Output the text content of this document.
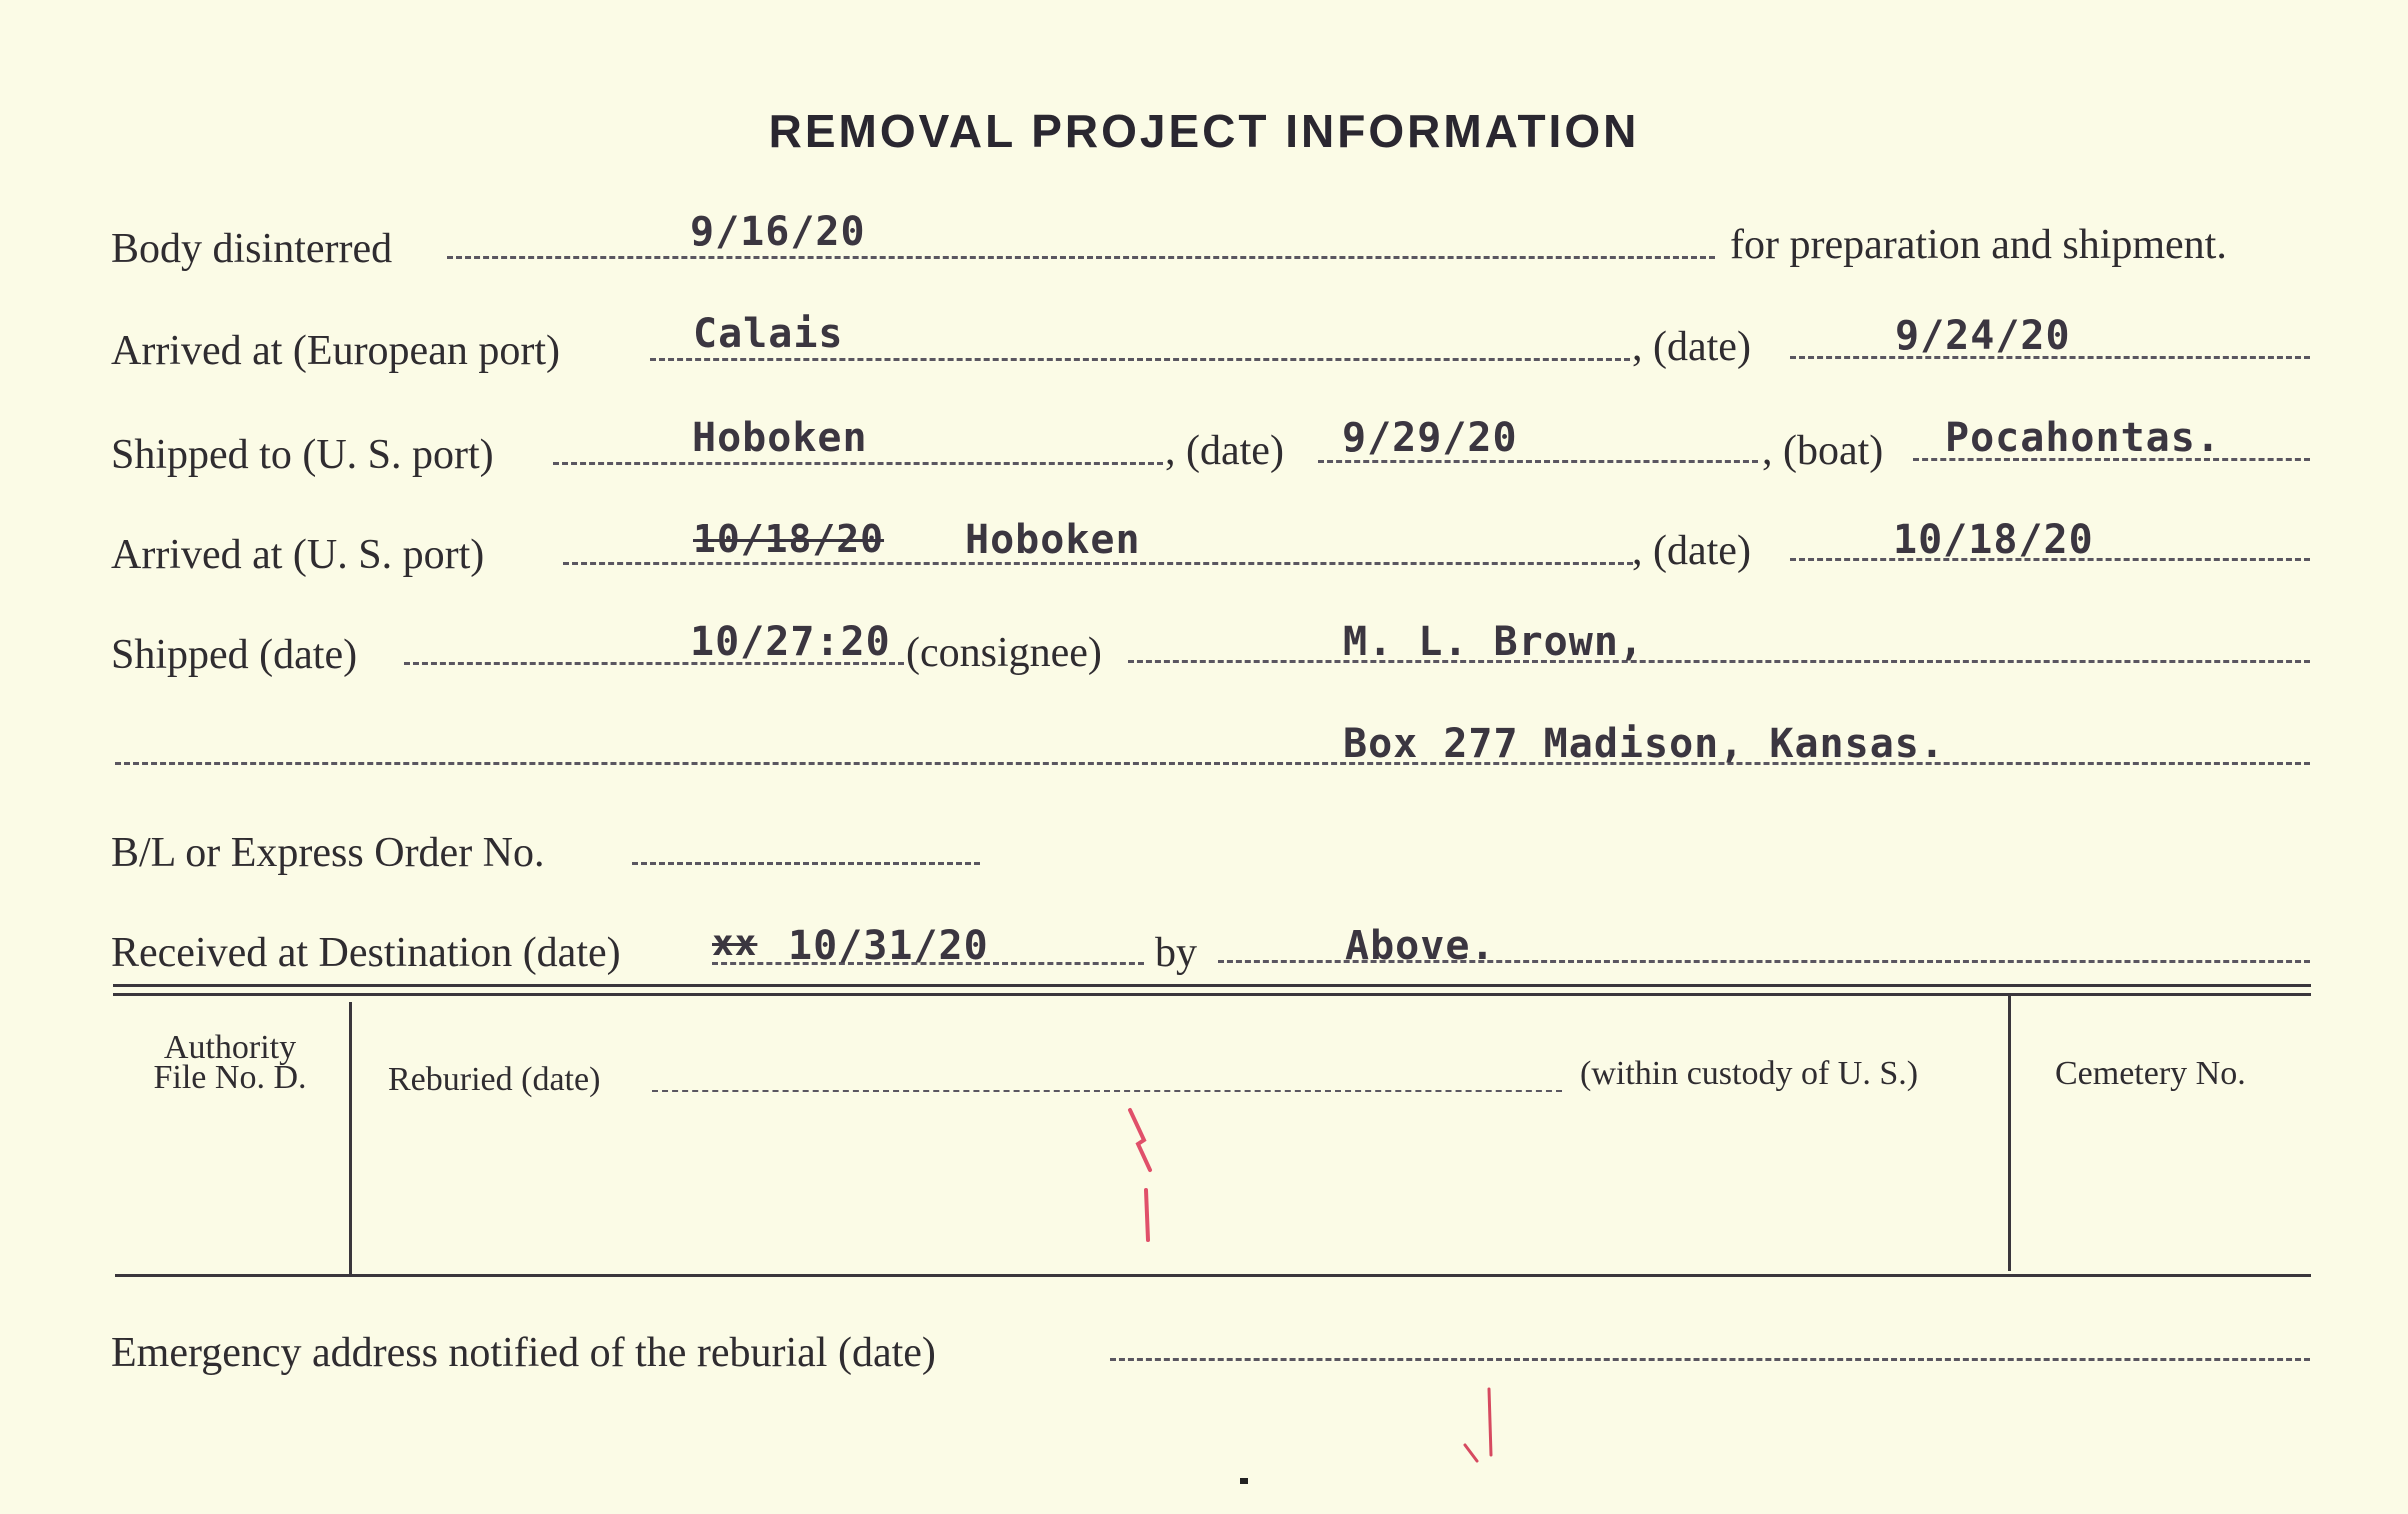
REMOVAL PROJECT INFORMATION
Body disinterred	9/16/20	for preparation and shipment.
Arrived at (European port)	Calais	, (date)	9/24/20
Shipped to (U. S. port)	Hoboken	, (date) 9/29/20	, (boat) Pocahontas.
Arrived at (U. S. port)	10/18/20 Hoboken	, (date)	10/18/20
Shipped (date)	10/27:20 (consignee)	M. L. Brown,
Box 277 Madison, Kansas.
B/L or Express Order No.
Received at Destination (date)	xx 10/31/20	by	Above.
Authority
File No. D.	Reburied (date)	(within custody of U. S.)	Cemetery No.
Emergency address notified of the reburial (date)
